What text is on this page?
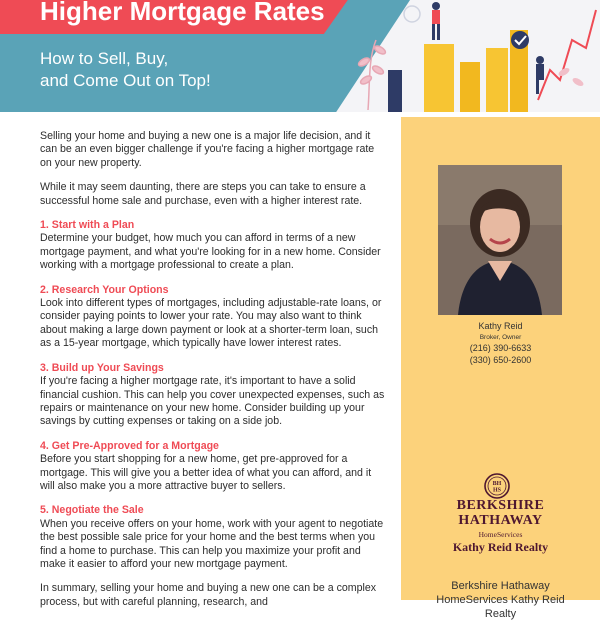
Higher Mortgage Rates
How to Sell, Buy,
and Come Out on Top!

Selling your home and buying a new one is a major life decision, and it can be an even bigger challenge if you're facing a higher mortgage rate on your new property.

While it may seem daunting, there are steps you can take to ensure a successful home sale and purchase, even with a higher interest rate.

1. Start with a Plan

Determine your budget, how much you can afford in terms of a new mortgage payment, and what you're looking for in a new home. Consider working with a mortgage professional to create a plan.

2. Research Your Options

Look into different types of mortgages, including adjustable-rate loans, or consider paying points to lower your rate. You may also want to think about making a large down payment or look at a shorter-term loan, such as a 15-year mortgage, which typically have lower interest rates.

3. Build up Your Savings

If you're facing a higher mortgage rate, it's important to have a solid financial cushion. This can help you cover unexpected expenses, such as repairs or maintenance on your new home. Consider building up your savings by cutting expenses or taking on a side job.

4. Get Pre-Approved for a Mortgage

Before you start shopping for a new home, get pre-approved for a mortgage. This will give you a better idea of what you can afford, and it will also make you a more attractive buyer to sellers.

5. Negotiate the Sale

When you receive offers on your home, work with your agent to negotiate the best possible sale price for your home and the best terms when you find a home to purchase. This can help you maximize your profit and make it easier to afford your new mortgage payment.

In summary, selling your home and buying a new one can be a complex process, but with careful planning, research, and

Kathy Reid
Broker, Owner
(216) 390-6633
(330) 650-2600
BH
HS
BERKSHIRE
HATHAWAY
HomeServices
Kathy Reid Realty
Berkshire Hathaway
HomeServices Kathy Reid
Realty
